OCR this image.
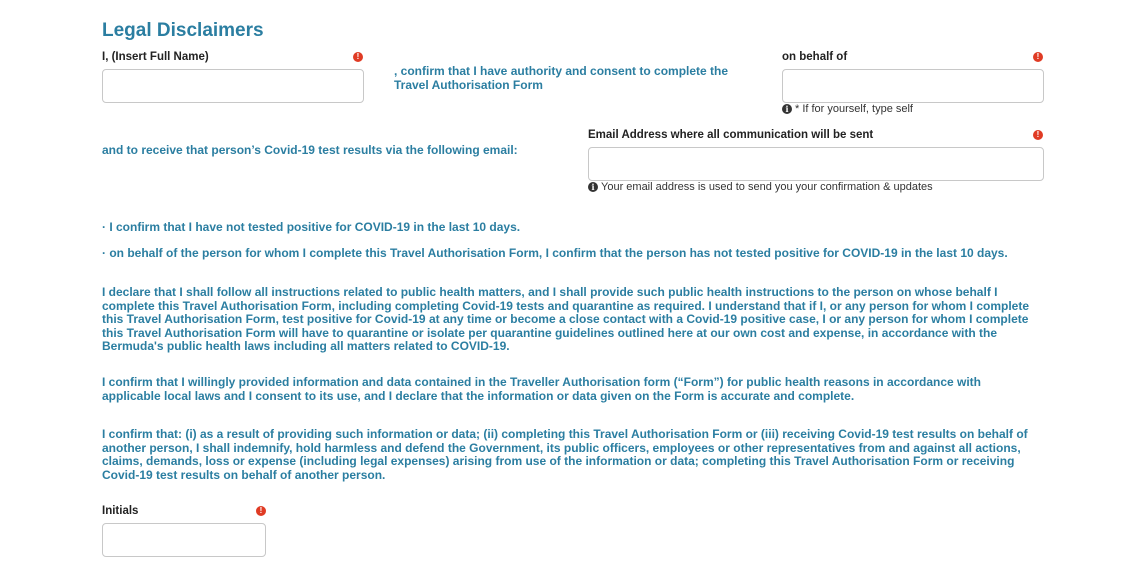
Legal Disclaimers
I, (Insert Full Name)	!
, confirm that I have authority and consent to complete the Travel Authorisation Form
on behalf of	!
i * If for yourself, type self
and to receive that person’s Covid-19 test results via the following email:
Email Address where all communication will be sent	!
i Your email address is used to send you your confirmation & updates
· I confirm that I have not tested positive for COVID-19 in the last 10 days.
· on behalf of the person for whom I complete this Travel Authorisation Form, I confirm that the person has not tested positive for COVID-19 in the last 10 days.
I declare that I shall follow all instructions related to public health matters, and I shall provide such public health instructions to the person on whose behalf I complete this Travel Authorisation Form, including completing Covid-19 tests and quarantine as required. I understand that if I, or any person for whom I complete this Travel Authorisation Form, test positive for Covid-19 at any time or become a close contact with a Covid-19 positive case, I or any person for whom I complete this Travel Authorisation Form will have to quarantine or isolate per quarantine guidelines outlined here at our own cost and expense, in accordance with the Bermuda's public health laws including all matters related to COVID-19.
I confirm that I willingly provided information and data contained in the Traveller Authorisation form (“Form”) for public health reasons in accordance with applicable local laws and I consent to its use, and I declare that the information or data given on the Form is accurate and complete.
I confirm that: (i) as a result of providing such information or data; (ii) completing this Travel Authorisation Form or (iii) receiving Covid-19 test results on behalf of another person, I shall indemnify, hold harmless and defend the Government, its public officers, employees or other representatives from and against all actions, claims, demands, loss or expense (including legal expenses) arising from use of the information or data; completing this Travel Authorisation Form or receiving Covid-19 test results on behalf of another person.
Initials	!
